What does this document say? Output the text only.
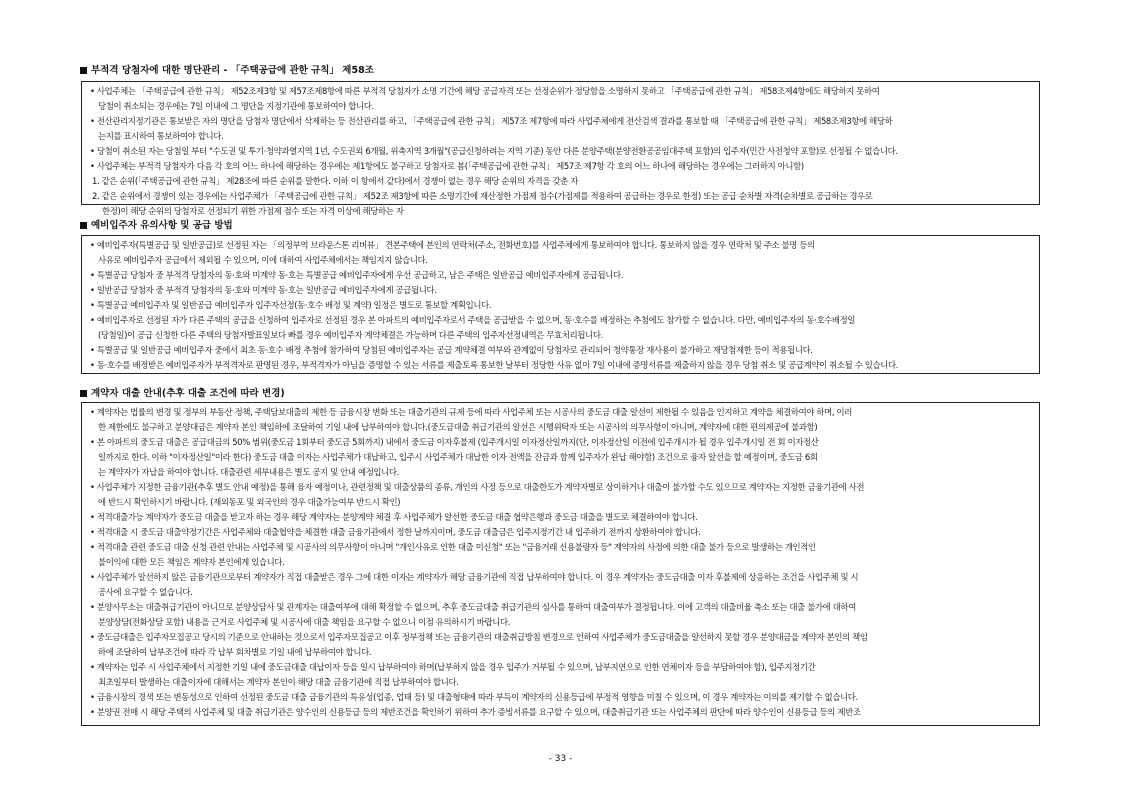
부적격 당첨자에 대한 명단관리 - 「주택공급에 관한 규칙」 제58조
• 사업주체는 「주택공급에 관한 규칙」 제52조제3항 및 제57조제8항에 따른 부적격 당첨자가 소명 기간에 해당 공급자격 또는 선정순위가 정당함을 소명하지 못하고 「주택공급에 관한 규칙」 제58조제4항에도 해당하지 못하여
당첨이 취소되는 경우에는 7일 이내에 그 명단을 지정기관에 통보하여야 합니다.
• 전산관리지정기관은 통보받은 자의 명단을 당첨자 명단에서 삭제하는 등 전산관리를 하고, 「주택공급에 관한 규칙」 제57조 제7항에 따라 사업주체에게 전산검색 결과를 통보할 때 「주택공급에 관한 규칙」 제58조제3항에 해당하
는지를 표시하여 통보하여야 합니다.
• 당첨이 취소된 자는 당첨일 부터 "수도권 및 투기·청약과열지역 1년, 수도권외 6개월, 위축지역 3개월"(공급신청하려는 지역 기준) 동안 다른 분양주택(분양전환공공임대주택 포함)의 입주자(민간 사전청약 포함)로 선정될 수 없습니다.
• 사업주체는 부적격 당첨자가 다음 각 호의 어느 하나에 해당하는 경우에는 제1항에도 불구하고 당첨자로 봄(「주택공급에 관한 규칙」 제57조 제7항 각 호의 어느 하나에 해당하는 경우에는 그러하지 아니함)
1. 같은 순위(「주택공급에 관한 규칙」 제28조에 따른 순위를 말한다. 이하 이 항에서 같다)에서 경쟁이 없는 경우 해당 순위의 자격을 갖춘 자
2. 같은 순위에서 경쟁이 있는 경우에는 사업주체가 「주택공급에 관한 규칙」 제52조 제3항에 따른 소명기간에 재산정한 가점제 점수(가점제를 적용하여 공급하는 경우로 한정) 또는 공급 순차별 자격(순차별로 공급하는 경우로
한정)이 해당 순위의 당첨자로 선정되기 위한 가점제 점수 또는 자격 이상에 해당하는 자
예비입주자 유의사항 및 공급 방법
• 예비입주자(특별공급 및 일반공급)로 선정된 자는 「의정부역 브라운스톤 리버뷰」 견본주택에 본인의 연락처(주소, 전화번호)를 사업주체에게 통보하여야 합니다. 통보하지 않을 경우 연락처 및 주소 불명 등의
사유로 예비입주자 공급에서 제외될 수 있으며, 이에 대하여 사업주체에서는 책임지지 않습니다.
• 특별공급 당첨자 중 부적격 당첨자의 동·호와 미계약 동·호는 특별공급 예비입주자에게 우선 공급하고, 남은 주택은 일반공급 예비입주자에게 공급됩니다.
• 일반공급 당첨자 중 부적격 당첨자의 동·호와 미계약 동·호는 일반공급 예비입주자에게 공급됩니다.
• 특별공급 예비입주자 및 일반공급 예비입주자 입주자선정(동·호수 배정 및 계약) 일정은 별도로 통보할 계획입니다.
• 예비입주자로 선정된 자가 다른 주택의 공급을 신청하여 입주자로 선정된 경우 본 아파트의 예비입주자로서 주택을 공급받을 수 없으며, 동·호수를 배정하는 추첨에도 참가할 수 없습니다. 다만, 예비입주자의 동·호수배정일
(당첨일)이 공급 신청한 다른 주택의 당첨자발표일보다 빠를 경우 예비입주자 계약체결은 가능하며 다른 주택의 입주자선정내역은 무효처리됩니다.
• 특별공급 및 일반공급 예비입주자 중에서 최초 동·호수 배정 추첨에 참가하여 당첨된 예비입주자는 공급 계약체결 여부와 관계없이 당첨자로 관리되어 청약통장 재사용이 불가하고 재당첨제한 등이 적용됩니다.
• 동·호수를 배정받은 예비입주자가 부적격자로 판명된 경우, 부적격자가 아님을 증명할 수 있는 서류를 제출토록 통보한 날부터 정당한 사유 없이 7일 이내에 증명서류를 제출하지 않을 경우 당첨 취소 및 공급계약이 취소될 수 있습니다.
계약자 대출 안내(추후 대출 조건에 따라 변경)
• 계약자는 법률의 변경 및 정부의 부동산 정책, 주택담보대출의 제한 등 금융시장 변화 또는 대출기관의 규제 등에 따라 사업주체 또는 시공사의 중도금 대출 알선이 제한될 수 있음을 인지하고 계약을 체결하여야 하며, 이러
한 제한에도 불구하고 분양대금은 계약자 본인 책임하에 조달하여 기일 내에 납부하여야 합니다.(중도금대출 취급기관의 알선은 시행위탁자 또는 시공사의 의무사항이 아니며, 계약자에 대한 편의제공에 불과함)
• 본 아파트의 중도금 대출은 공급대금의 50% 범위(중도금 1회부터 중도금 5회까지) 내에서 중도금 이자후불제 (입주개시일 이자정산일까지(단, 이자정산일 이전에 입주개시가 될 경우 입주개시일 전 회 이자정산
일까지로 한다. 이하 "이자정산일"이라 한다) 중도금 대출 이자는 사업주체가 대납하고, 입주시 사업주체가 대납한 이자 전액을 잔금과 함께 입주자가 완납 해야함) 조건으로 융자 알선을 할 예정이며, 중도금 6회
는 계약자가 자납을 하여야 합니다. 대출관련 세부내용은 별도 공지 및 안내 예정입니다.
• 사업주체가 지정한 금융기관(추후 별도 안내 예정)을 통해 융자 예정이나, 관련정책 및 대출상품의 종류, 개인의 사정 등으로 대출한도가 계약자별로 상이하거나 대출이 불가할 수도 있으므로 계약자는 지정한 금융기관에 사전
에 반드시 확인하시기 바랍니다. (재외동포 및 외국인의 경우 대출가능여부 반드시 확인)
• 적격대출가능 계약자가 중도금 대출을 받고자 하는 경우 해당 계약자는 분양계약 체결 후 사업주체가 알선한 중도금 대출 협약은행과 중도금 대출을 별도로 체결하여야 합니다.
• 적격대출 시 중도금 대출약정기간은 사업주체와 대출협약을 체결한 대출 금융기관에서 정한 날까지이며, 중도금 대출금은 입주지정기간 내 입주하기 전까지 상환하여야 합니다.
• 적격대출 관련 중도금 대출 신청 관련 안내는 사업주체 및 시공사의 의무사항이 아니며 "개인사유로 인한 대출 미신청" 또는 "금융거래 신용불량자 등" 계약자의 사정에 의한 대출 불가 등으로 발생하는 개인적인
불이익에 대한 모든 책임은 계약자 본인에게 있습니다.
• 사업주체가 알선하지 않은 금융기관으로부터 계약자가 직접 대출받은 경우 그에 대한 이자는 계약자가 해당 금융기관에 직접 납부하여야 합니다. 이 경우 계약자는 중도금대출 이자 후불제에 상응하는 조건을 사업주체 및 시
공사에 요구할 수 없습니다.
• 분양사무소는 대출취급기관이 아니므로 분양상담사 및 관계자는 대출여부에 대해 확정할 수 없으며, 추후 중도금대출 취급기관의 심사를 통하여 대출여부가 결정됩니다. 이에 고객의 대출비율 축소 또는 대출 불가에 대하여
분양상담(전화상담 포함) 내용을 근거로 사업주체 및 시공사에 대출 책임을 요구할 수 없으니 이점 유의하시기 바랍니다.
• 중도금대출은 입주자모집공고 당시의 기준으로 안내하는 것으로서 입주자모집공고 이후 정부정책 또는 금융기관의 대출취급방침 변경으로 인하여 사업주체가 중도금대출을 알선하지 못할 경우 분양대금을 계약자 본인의 책임
하에 조달하여 납부조건에 따라 각 납부 회차별로 기일 내에 납부하여야 합니다.
• 계약자는 입주 시 사업주체에서 지정한 기일 내에 중도금대출 대납이자 등을 일시 납부하여야 하며(납부하지 않을 경우 입주가 거부될 수 있으며, 납부지연으로 인한 연체이자 등을 부담하여야 함), 입주지정기간
최초일부터 발생하는 대출이자에 대해서는 계약자 본인이 해당 대출 금융기관에 직접 납부하여야 합니다.
• 금융시장의 경색 또는 변동성으로 인하여 선정된 중도금 대출 금융기관의 특유성(업종, 업태 등) 및 대출형태에 따라 부득이 계약자의 신용등급에 부정적 영향을 미칠 수 있으며, 이 경우 계약자는 이의를 제기할 수 없습니다.
• 분양권 전매 시 해당 주택의 사업주체 및 대출 취급기관은 양수인의 신용등급 등의 제반조건을 확인하기 위하여 추가 증빙서류를 요구할 수 있으며, 대출취급기관 또는 사업주체의 판단에 따라 양수인이 신용등급 등의 제반조
- 33 -
